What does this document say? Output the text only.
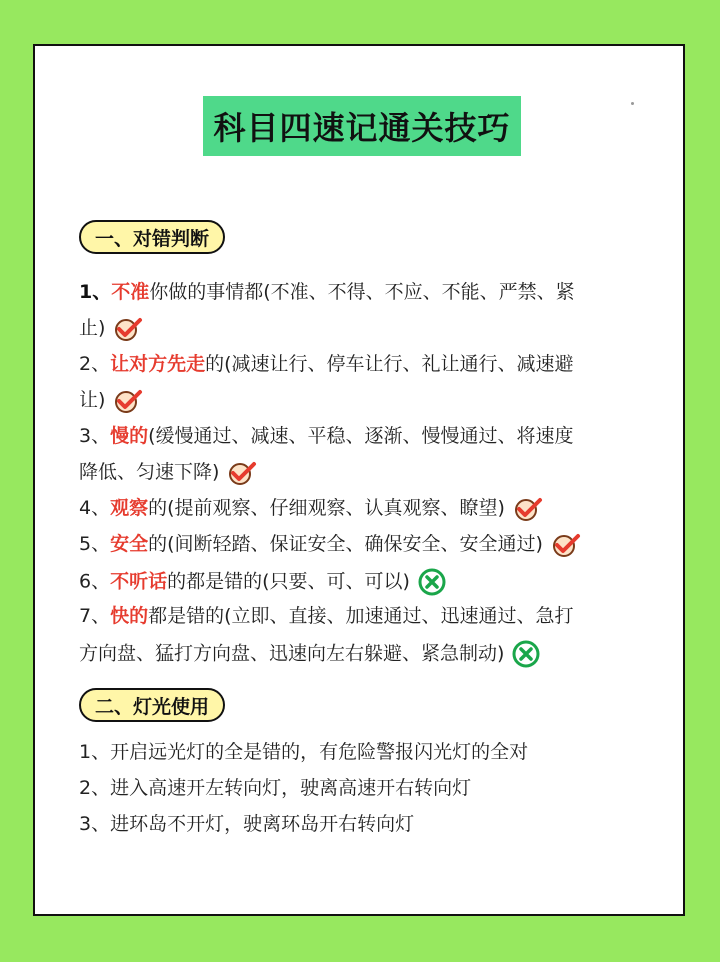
科目四速记通关技巧
一、对错判断
1、不准你做的事情都(不准、不得、不应、不能、严禁、紧
止)
2、让对方先走的(减速让行、停车让行、礼让通行、减速避
让)
3、慢的(缓慢通过、减速、平稳、逐渐、慢慢通过、将速度
降低、匀速下降)
4、观察的(提前观察、仔细观察、认真观察、瞭望)
5、安全的(间断轻踏、保证安全、确保安全、安全通过)
6、不听话的都是错的(只要、可、可以)
7、快的都是错的(立即、直接、加速通过、迅速通过、急打
方向盘、猛打方向盘、迅速向左右躲避、紧急制动)
二、灯光使用
1、开启远光灯的全是错的，有危险警报闪光灯的全对
2、进入高速开左转向灯，驶离高速开右转向灯
3、进环岛不开灯，驶离环岛开右转向灯
